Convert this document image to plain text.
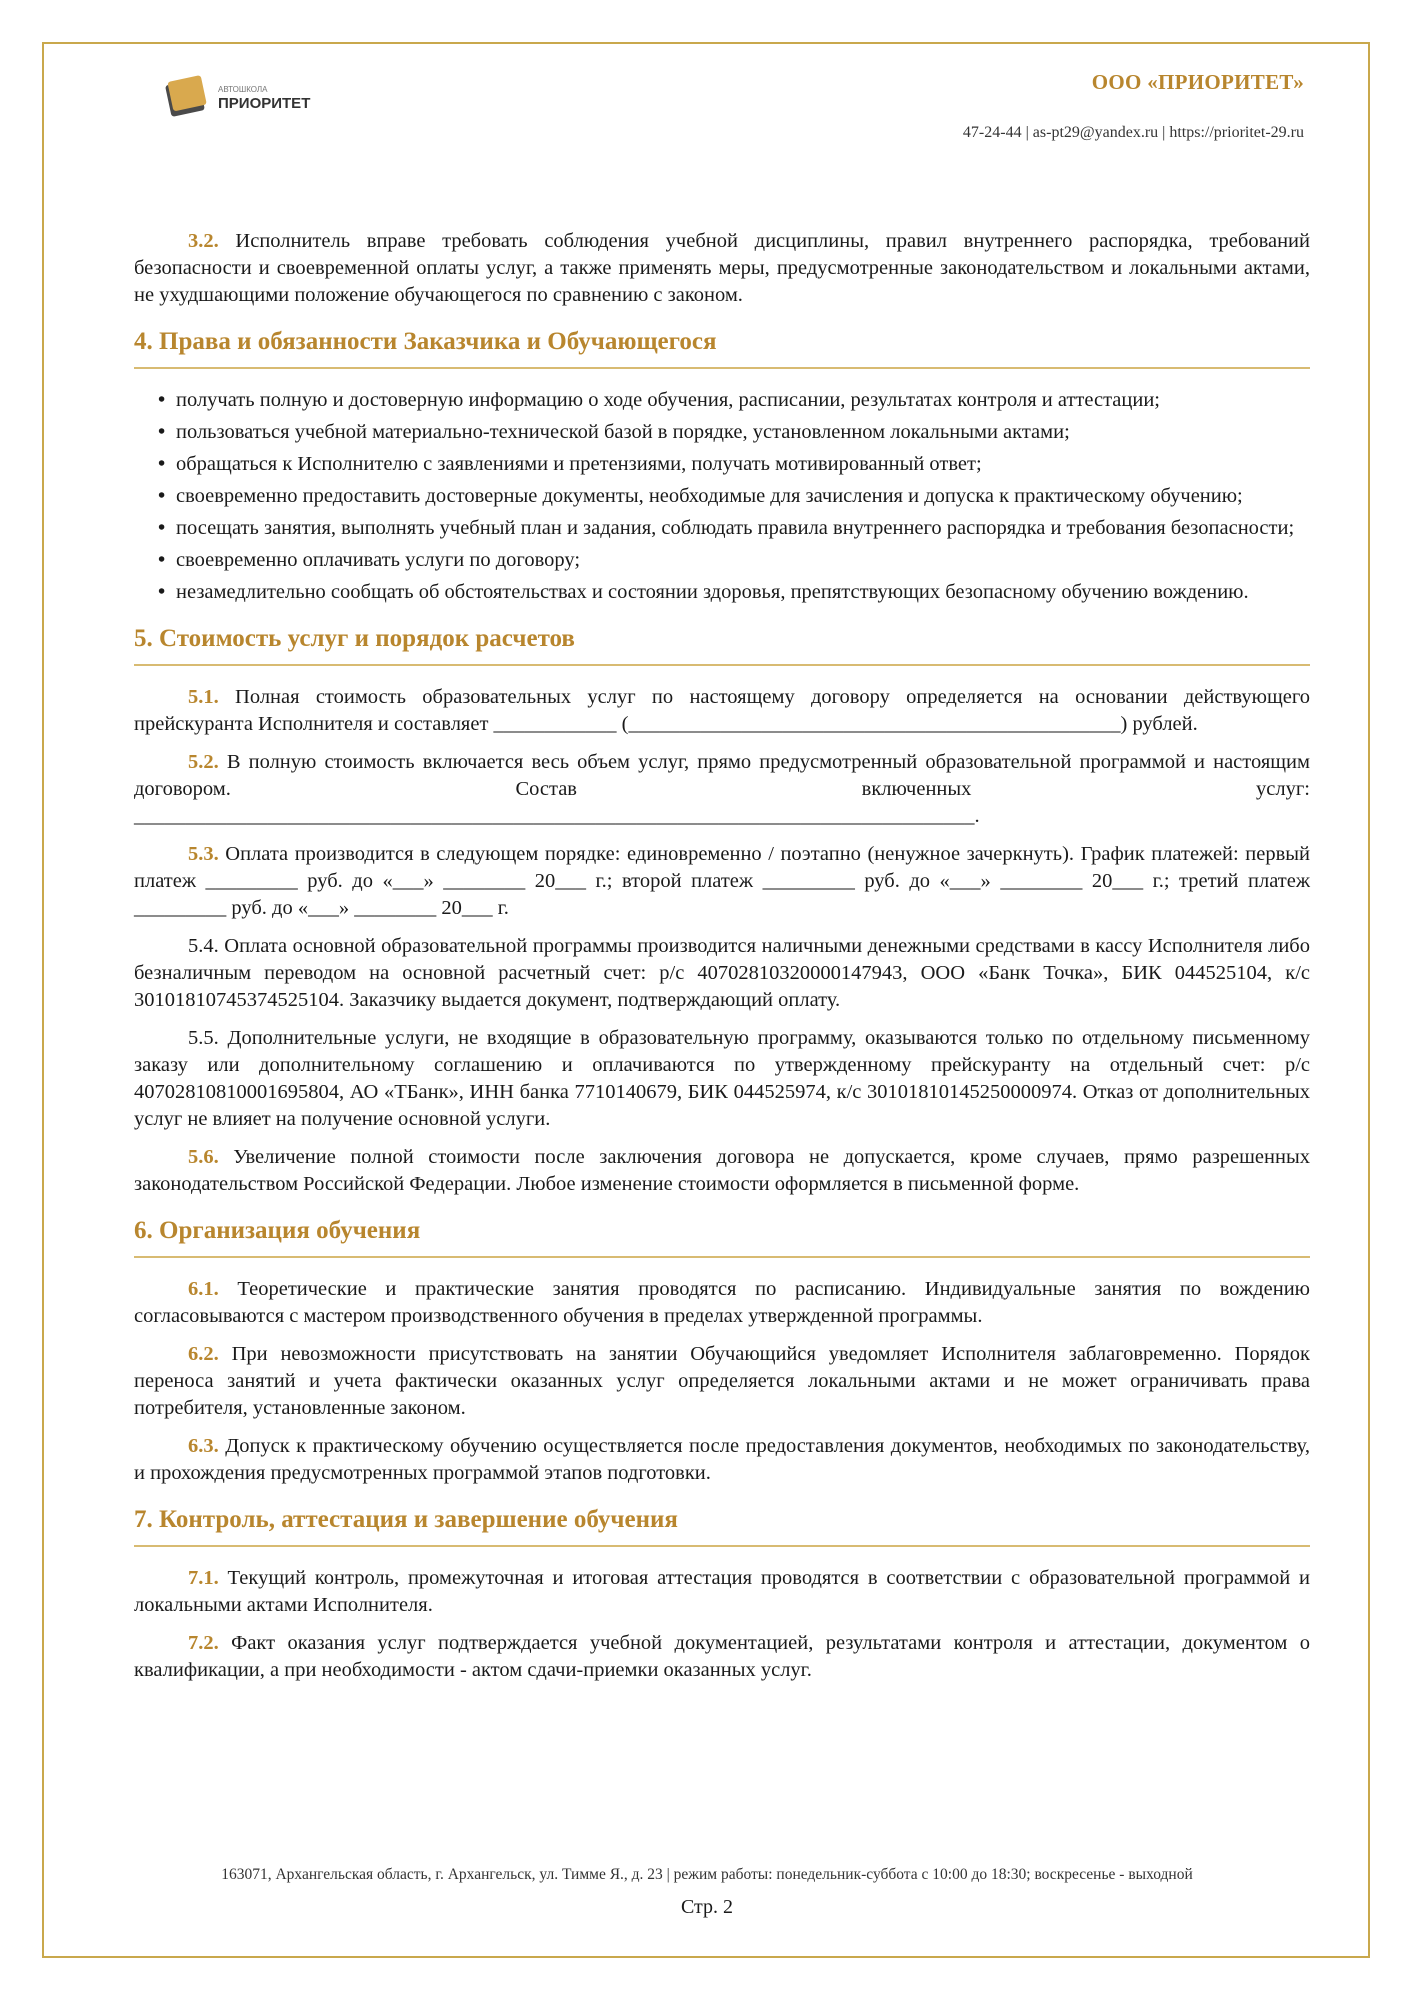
АВТОШКОЛА
ПРИОРИТЕТ
ООО «ПРИОРИТЕТ»
47-24-44 | as-pt29@yandex.ru | https://prioritet-29.ru

3.2. Исполнитель вправе требовать соблюдения учебной дисциплины, правил внутреннего распорядка, требований безопасности и своевременной оплаты услуг, а также применять меры, предусмотренные законодательством и локальными актами, не ухудшающими положение обучающегося по сравнению с законом.

4. Права и обязанности Заказчика и Обучающегося
• получать полную и достоверную информацию о ходе обучения, расписании, результатах контроля и аттестации;
• пользоваться учебной материально-технической базой в порядке, установленном локальными актами;
• обращаться к Исполнителю с заявлениями и претензиями, получать мотивированный ответ;
• своевременно предоставить достоверные документы, необходимые для зачисления и допуска к практическому обучению;
• посещать занятия, выполнять учебный план и задания, соблюдать правила внутреннего распорядка и требования безопасности;
• своевременно оплачивать услуги по договору;
• незамедлительно сообщать об обстоятельствах и состоянии здоровья, препятствующих безопасному обучению вождению.
5. Стоимость услуг и порядок расчетов

5.1. Полная стоимость образовательных услуг по настоящему договору определяется на основании действующего прейскуранта Исполнителя и составляет ____________ (________________________________________________) рублей.

5.2. В полную стоимость включается весь объем услуг, прямо предусмотренный образовательной программой и настоящим договором. Состав включенных услуг: __________________________________________________________________________________.

5.3. Оплата производится в следующем порядке: единовременно / поэтапно (ненужное зачеркнуть). График платежей: первый платеж _________ руб. до «___» ________ 20___ г.; второй платеж _________ руб. до «___» ________ 20___ г.; третий платеж _________ руб. до «___» ________ 20___ г.

5.4. Оплата основной образовательной программы производится наличными денежными средствами в кассу Исполнителя либо безналичным переводом на основной расчетный счет: р/с 40702810320000147943, ООО «Банк Точка», БИК 044525104, к/с 30101810745374525104. Заказчику выдается документ, подтверждающий оплату.

5.5. Дополнительные услуги, не входящие в образовательную программу, оказываются только по отдельному письменному заказу или дополнительному соглашению и оплачиваются по утвержденному прейскуранту на отдельный счет: р/с 40702810810001695804, АО «ТБанк», ИНН банка 7710140679, БИК 044525974, к/с 30101810145250000974. Отказ от дополнительных услуг не влияет на получение основной услуги.

5.6. Увеличение полной стоимости после заключения договора не допускается, кроме случаев, прямо разрешенных законодательством Российской Федерации. Любое изменение стоимости оформляется в письменной форме.

6. Организация обучения

6.1. Теоретические и практические занятия проводятся по расписанию. Индивидуальные занятия по вождению согласовываются с мастером производственного обучения в пределах утвержденной программы.

6.2. При невозможности присутствовать на занятии Обучающийся уведомляет Исполнителя заблаговременно. Порядок переноса занятий и учета фактически оказанных услуг определяется локальными актами и не может ограничивать права потребителя, установленные законом.

6.3. Допуск к практическому обучению осуществляется после предоставления документов, необходимых по законодательству, и прохождения предусмотренных программой этапов подготовки.

7. Контроль, аттестация и завершение обучения

7.1. Текущий контроль, промежуточная и итоговая аттестация проводятся в соответствии с образовательной программой и локальными актами Исполнителя.

7.2. Факт оказания услуг подтверждается учебной документацией, результатами контроля и аттестации, документом о квалификации, а при необходимости - актом сдачи-приемки оказанных услуг.

163071, Архангельская область, г. Архангельск, ул. Тимме Я., д. 23 | режим работы: понедельник-суббота с 10:00 до 18:30; воскресенье - выходной
Стр. 2
